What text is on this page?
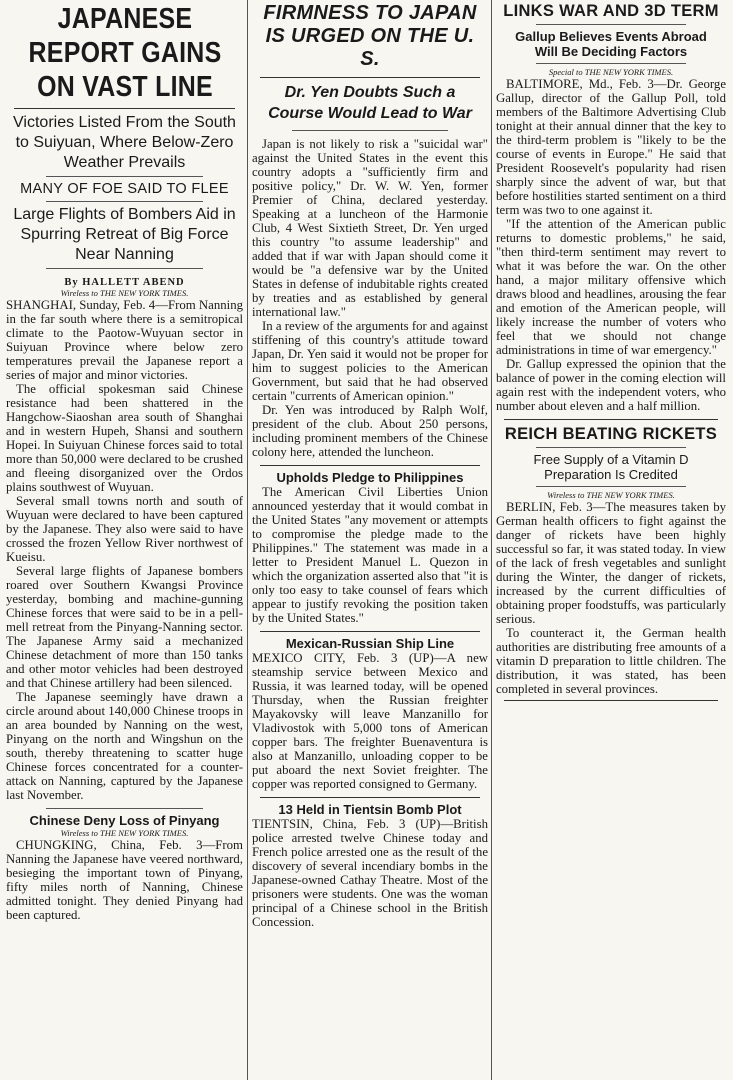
JAPANESE REPORT GAINS ON VAST LINE
Victories Listed From the South to Suiyuan, Where Below-Zero Weather Prevails
MANY OF FOE SAID TO FLEE
Large Flights of Bombers Aid in Spurring Retreat of Big Force Near Nanning
By HALLETT ABEND
Wireless to THE NEW YORK TIMES.

SHANGHAI, Sunday, Feb. 4—From Nanning in the far south where there is a semitropical climate to the Paotow-Wuyuan sector in Suiyuan Province where below zero temperatures prevail the Japanese report a series of major and minor victories.

The official spokesman said Chinese resistance had been shattered in the Hangchow-Siaoshan area south of Shanghai and in western Hupeh, Shansi and southern Hopei. In Suiyuan Chinese forces said to total more than 50,000 were declared to be crushed and fleeing disorganized over the Ordos plains southwest of Wuyuan.

Several small towns north and south of Wuyuan were declared to have been captured by the Japanese. They also were said to have crossed the frozen Yellow River northwest of Kueisu.

Several large flights of Japanese bombers roared over Southern Kwangsi Province yesterday, bombing and machine-gunning Chinese forces that were said to be in a pell-mell retreat from the Pinyang-Nanning sector. The Japanese Army said a mechanized Chinese detachment of more than 150 tanks and other motor vehicles had been destroyed and that Chinese artillery had been silenced.

The Japanese seemingly have drawn a circle around about 140,000 Chinese troops in an area bounded by Nanning on the west, Pinyang on the north and Wingshun on the south, thereby threatening to scatter huge Chinese forces concentrated for a counter-attack on Nanning, captured by the Japanese last November.

Chinese Deny Loss of Pinyang
Wireless to THE NEW YORK TIMES.

CHUNGKING, China, Feb. 3—From Nanning the Japanese have veered northward, besieging the important town of Pinyang, fifty miles north of Nanning, Chinese admitted tonight. They denied Pinyang had been captured.

FIRMNESS TO JAPAN IS URGED ON THE U. S.
Dr. Yen Doubts Such a Course Would Lead to War

Japan is not likely to risk a "suicidal war" against the United States in the event this country adopts a "sufficiently firm and positive policy," Dr. W. W. Yen, former Premier of China, declared yesterday. Speaking at a luncheon of the Harmonie Club, 4 West Sixtieth Street, Dr. Yen urged this country "to assume leadership" and added that if war with Japan should come it would be "a defensive war by the United States in defense of indubitable rights created by treaties and as established by general international law."

In a review of the arguments for and against stiffening of this country's attitude toward Japan, Dr. Yen said it would not be proper for him to suggest policies to the American Government, but said that he had observed certain "currents of American opinion."

Dr. Yen was introduced by Ralph Wolf, president of the club. About 250 persons, including prominent members of the Chinese colony here, attended the luncheon.

Upholds Pledge to Philippines

The American Civil Liberties Union announced yesterday that it would combat in the United States "any movement or attempts to compromise the pledge made to the Philippines." The statement was made in a letter to President Manuel L. Quezon in which the organization asserted also that "it is only too easy to take counsel of fears which appear to justify revoking the position taken by the United States."

Mexican-Russian Ship Line

MEXICO CITY, Feb. 3 (UP)—A new steamship service between Mexico and Russia, it was learned today, will be opened Thursday, when the Russian freighter Mayakovsky will leave Manzanillo for Vladivostok with 5,000 tons of American copper bars. The freighter Buenaventura is also at Manzanillo, unloading copper to be put aboard the next Soviet freighter. The copper was reported consigned to Germany.

13 Held in Tientsin Bomb Plot

TIENTSIN, China, Feb. 3 (UP)—British police arrested twelve Chinese today and French police arrested one as the result of the discovery of several incendiary bombs in the Japanese-owned Cathay Theatre. Most of the prisoners were students. One was the woman principal of a Chinese school in the British Concession.

LINKS WAR AND 3D TERM
Gallup Believes Events Abroad Will Be Deciding Factors
Special to THE NEW YORK TIMES.

BALTIMORE, Md., Feb. 3—Dr. George Gallup, director of the Gallup Poll, told members of the Baltimore Advertising Club tonight at their annual dinner that the key to the third-term problem is "likely to be the course of events in Europe." He said that President Roosevelt's popularity had risen sharply since the advent of war, but that before hostilities started sentiment on a third term was two to one against it.

"If the attention of the American public returns to domestic problems," he said, "then third-term sentiment may revert to what it was before the war. On the other hand, a major military offensive which draws blood and headlines, arousing the fear and emotion of the American people, will likely increase the number of voters who feel that we should not change administrations in time of war emergency."

Dr. Gallup expressed the opinion that the balance of power in the coming election will again rest with the independent voters, who number about eleven and a half million.

REICH BEATING RICKETS
Free Supply of a Vitamin D Preparation Is Credited
Wireless to THE NEW YORK TIMES.

BERLIN, Feb. 3—The measures taken by German health officers to fight against the danger of rickets have been highly successful so far, it was stated today. In view of the lack of fresh vegetables and sunlight during the Winter, the danger of rickets, increased by the current difficulties of obtaining proper foodstuffs, was particularly serious.

To counteract it, the German health authorities are distributing free amounts of a vitamin D preparation to little children. The distribution, it was stated, has been completed in several provinces.
